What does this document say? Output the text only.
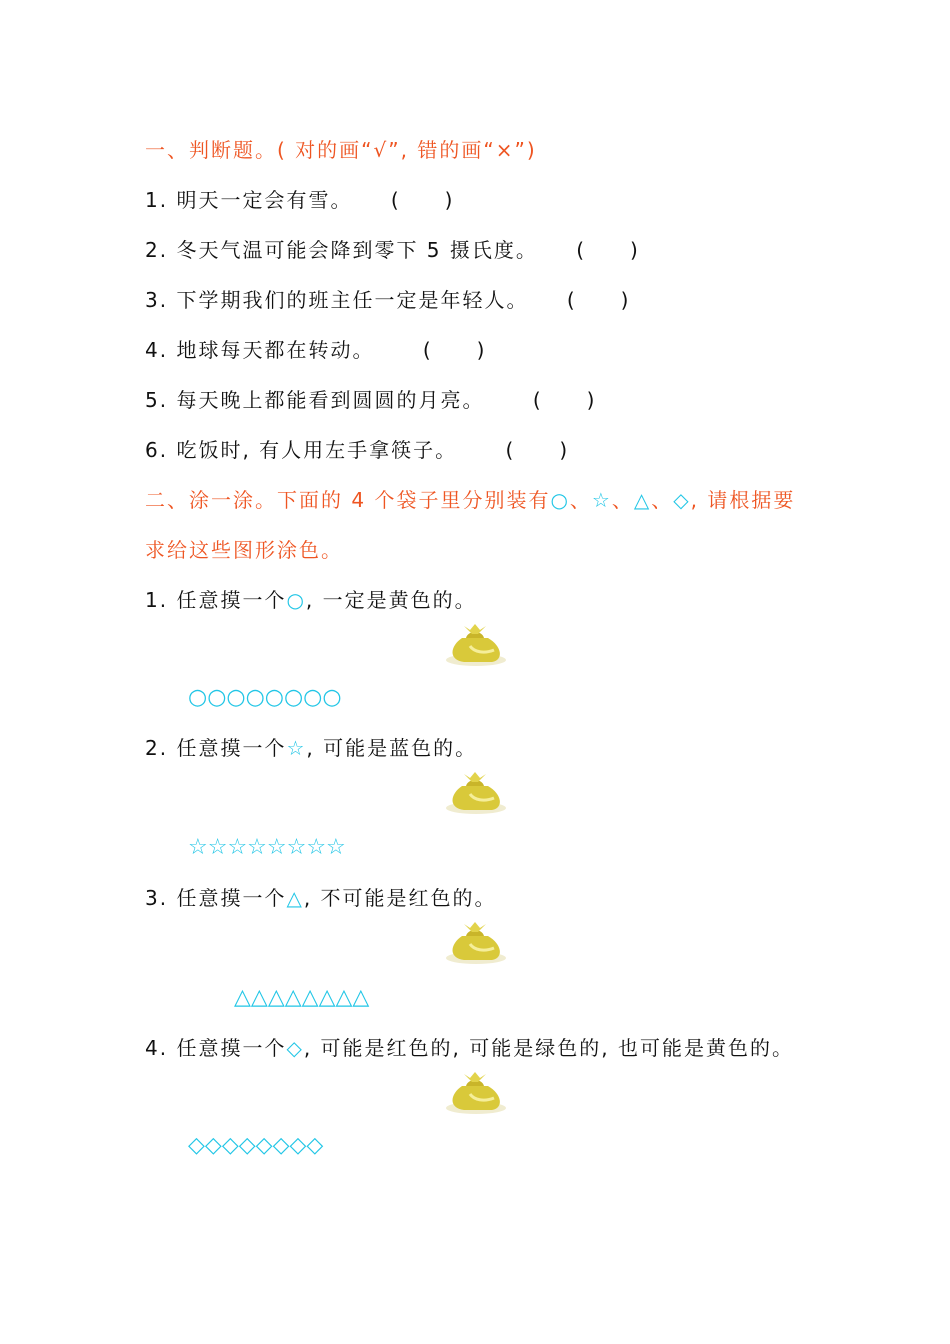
一、判断题。( 对的画“√”, 错的画“×”)
1. 明天一定会有雪。 (　　)
2. 冬天气温可能会降到零下 5 摄氏度。 (　　)
3. 下学期我们的班主任一定是年轻人。 (　　)
4. 地球每天都在转动。 (　　)
5. 每天晚上都能看到圆圆的月亮。 (　　)
6. 吃饭时, 有人用左手拿筷子。 (　　)
二、涂一涂。下面的 4 个袋子里分别装有○、☆、△、◇, 请根据要
求给这些图形涂色。
1. 任意摸一个○, 一定是黄色的。
○○○○○○○○
2. 任意摸一个☆, 可能是蓝色的。
☆☆☆☆☆☆☆☆
3. 任意摸一个△, 不可能是红色的。
△△△△△△△△
4. 任意摸一个◇, 可能是红色的, 可能是绿色的, 也可能是黄色的。
◇◇◇◇◇◇◇◇
